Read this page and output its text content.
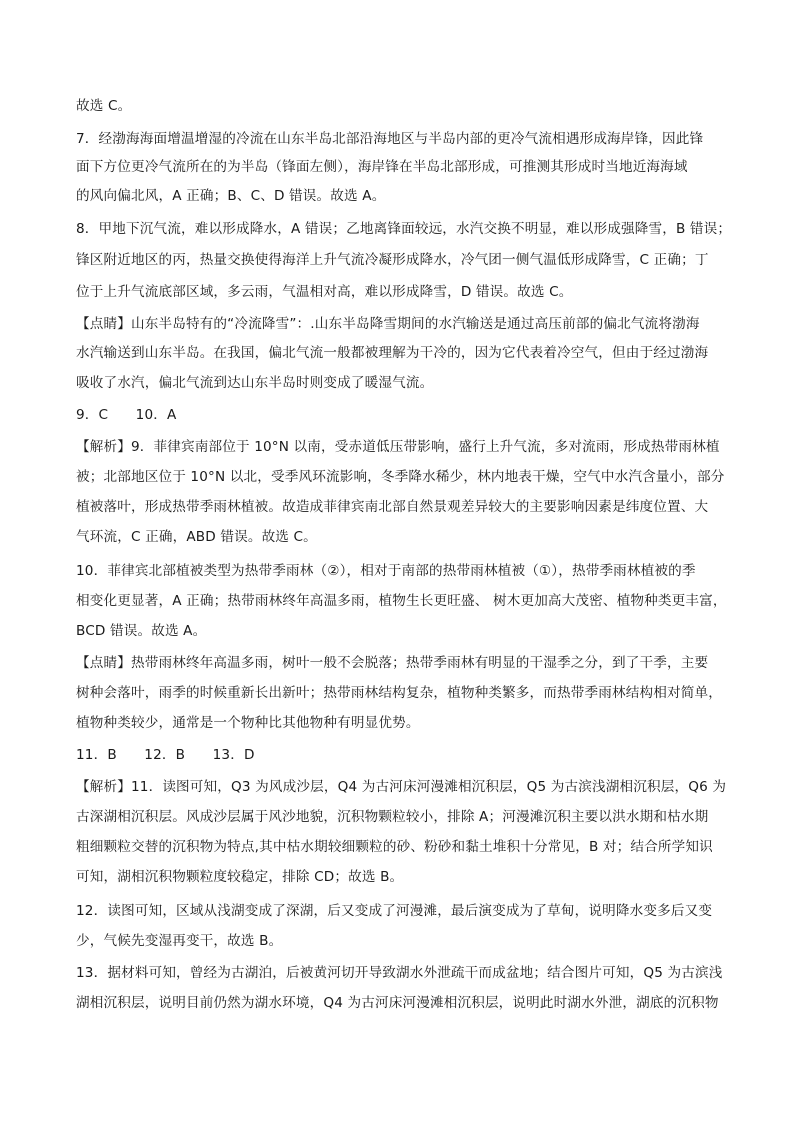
故选 C。
7．经渤海海面增温增湿的冷流在山东半岛北部沿海地区与半岛内部的更冷气流相遇形成海岸锋，因此锋
面下方位更冷气流所在的为半岛（锋面左侧），海岸锋在半岛北部形成，可推测其形成时当地近海海域
的风向偏北风，A 正确；B、C、D 错误。故选 A。
8．甲地下沉气流，难以形成降水，A 错误；乙地离锋面较远，水汽交换不明显，难以形成强降雪，B 错误；
锋区附近地区的丙，热量交换使得海洋上升气流冷凝形成降水，冷气团一侧气温低形成降雪，C 正确；丁
位于上升气流底部区域，多云雨，气温相对高，难以形成降雪，D 错误。故选 C。
【点睛】山东半岛特有的“冷流降雪”：.山东半岛降雪期间的水汽输送是通过高压前部的偏北气流将渤海
水汽输送到山东半岛。在我国，偏北气流一般都被理解为干冷的，因为它代表着冷空气，但由于经过渤海
吸收了水汽，偏北气流到达山东半岛时则变成了暖湿气流。
9．C　　10．A
【解析】9．菲律宾南部位于 10°N 以南，受赤道低压带影响，盛行上升气流，多对流雨，形成热带雨林植
被；北部地区位于 10°N 以北，受季风环流影响，冬季降水稀少，林内地表干燥，空气中水汽含量小，部分
植被落叶，形成热带季雨林植被。故造成菲律宾南北部自然景观差异较大的主要影响因素是纬度位置、大
气环流，C 正确，ABD 错误。故选 C。
10．菲律宾北部植被类型为热带季雨林（②），相对于南部的热带雨林植被（①），热带季雨林植被的季
相变化更显著，A 正确；热带雨林终年高温多雨，植物生长更旺盛、 树木更加高大茂密、植物种类更丰富，
BCD 错误。故选 A。
【点睛】热带雨林终年高温多雨，树叶一般不会脱落；热带季雨林有明显的干湿季之分，到了干季，主要
树种会落叶，雨季的时候重新长出新叶；热带雨林结构复杂，植物种类繁多，而热带季雨林结构相对简单，
植物种类较少，通常是一个物种比其他物种有明显优势。
11．B　　12．B　　13．D
【解析】11．读图可知，Q3 为风成沙层，Q4 为古河床河漫滩相沉积层，Q5 为古滨浅湖相沉积层，Q6 为
古深湖相沉积层。风成沙层属于风沙地貌，沉积物颗粒较小，排除 A；河漫滩沉积主要以洪水期和枯水期
粗细颗粒交替的沉积物为特点,其中枯水期较细颗粒的砂、粉砂和黏土堆积十分常见，B 对；结合所学知识
可知，湖相沉积物颗粒度较稳定，排除 CD；故选 B。
12．读图可知，区域从浅湖变成了深湖，后又变成了河漫滩，最后演变成为了草甸，说明降水变多后又变
少，气候先变湿再变干，故选 B。
13．据材料可知，曾经为古湖泊，后被黄河切开导致湖水外泄疏干而成盆地；结合图片可知，Q5 为古滨浅
湖相沉积层，说明目前仍然为湖水环境，Q4 为古河床河漫滩相沉积层，说明此时湖水外泄，湖底的沉积物
